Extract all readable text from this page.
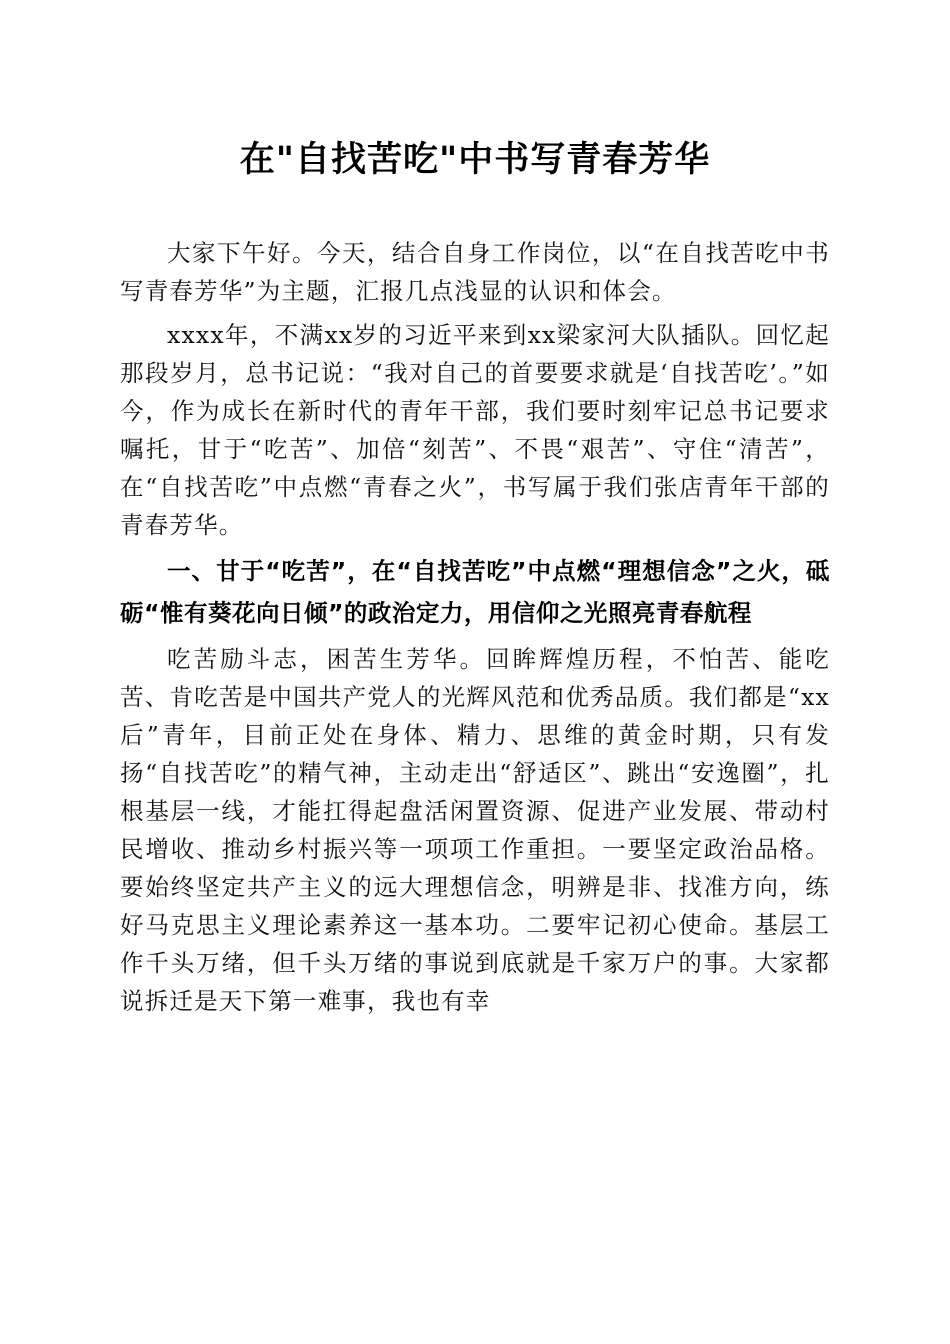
在"自找苦吃"中书写青春芳华

大家下午好。今天，结合自身工作岗位，以“在自找苦吃中书写青春芳华”为主题，汇报几点浅显的认识和体会。

xxxx年，不满xx岁的习近平来到xx梁家河大队插队。回忆起那段岁月，总书记说：“我对自己的首要要求就是‘自找苦吃’。”如今，作为成长在新时代的青年干部，我们要时刻牢记总书记要求嘱托，甘于“吃苦”、加倍“刻苦”、不畏“艰苦”、守住“清苦”，在“自找苦吃”中点燃“青春之火”，书写属于我们张店青年干部的青春芳华。

一、甘于“吃苦”，在“自找苦吃”中点燃“理想信念”之火，砥砺“惟有葵花向日倾”的政治定力，用信仰之光照亮青春航程

吃苦励斗志，困苦生芳华。回眸辉煌历程，不怕苦、能吃苦、肯吃苦是中国共产党人的光辉风范和优秀品质。我们都是“xx后”青年，目前正处在身体、精力、思维的黄金时期，只有发扬“自找苦吃”的精气神，主动走出“舒适区”、跳出“安逸圈”，扎根基层一线，才能扛得起盘活闲置资源、促进产业发展、带动村民增收、推动乡村振兴等一项项工作重担。一要坚定政治品格。要始终坚定共产主义的远大理想信念，明辨是非、找准方向，练好马克思主义理论素养这一基本功。二要牢记初心使命。基层工作千头万绪，但千头万绪的事说到底就是千家万户的事。大家都说拆迁是天下第一难事，我也有幸
